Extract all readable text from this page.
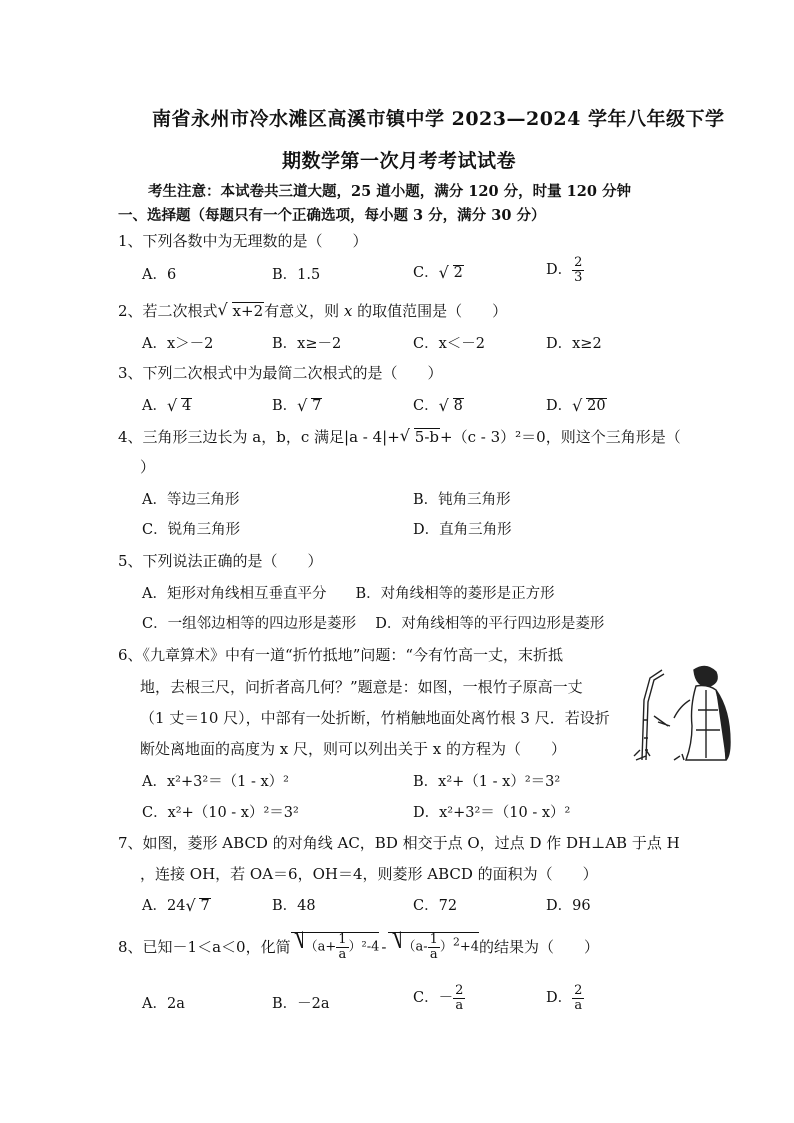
南省永州市冷水滩区高溪市镇中学 2023—2024 学年八年级下学
期数学第一次月考考试试卷
考生注意：本试卷共三道大题，25 道小题，满分 120 分，时量 120 分钟
一、选择题（每题只有一个正确选项，每小题 3 分，满分 30 分）
1、下列各数中为无理数的是（　　）
A．6	B．1.5	C． √ 2	D． $\frac{2}{3}$
2、若二次根式 √ x+2有意义，则 x 的取值范围是（　　）
A．x＞－2	B．x≥－2	C．x＜－2	D．x≥2
3、下列二次根式中为最简二次根式的是（　　）
A． √ 4	B． √ 7	C． √ 8	D． √ 20
4、三角形三边长为 a，b，c 满足|a - 4|+ √ 5-b+（c - 3）²＝0，则这个三角形是（
）
A．等边三角形	B．钝角三角形
C．锐角三角形	D．直角三角形
5、下列说法正确的是（　　）
A．矩形对角线相互垂直平分　　B．对角线相等的菱形是正方形
C．一组邻边相等的四边形是菱形　 D．对角线相等的平行四边形是菱形
6、《九章算术》中有一道“折竹抵地”问题：“今有竹高一丈，末折抵
地，去根三尺，问折者高几何？”题意是：如图，一根竹子原高一丈
（1 丈＝10 尺），中部有一处折断，竹梢触地面处离竹根 3 尺．若设折
断处离地面的高度为 x 尺，则可以列出关于 x 的方程为（　　）
A．x²+3²＝（1 - x）²	B．x²+（1 - x）²＝3²
C．x²+（10 - x）²＝3²	D．x²+3²＝（10 - x）²
7、如图，菱形 ABCD 的对角线 AC，BD 相交于点 O，过点 D 作 DH⊥AB 于点 H
，连接 OH，若 OA＝6，OH＝4，则菱形 ABCD 的面积为（　　）
A．24 √ 7	B．48	C．72	D．96
8、已知－1＜a＜0，化简	⎷ $(a+ \frac{1}{a} )^2-4$ -	⎷ $(a- \frac{1}{a} )^2+4$ 的结果为（　　）
A．2a	B．－2a	C．－ $\frac{2}{a}$	D． $\frac{2}{a}$
